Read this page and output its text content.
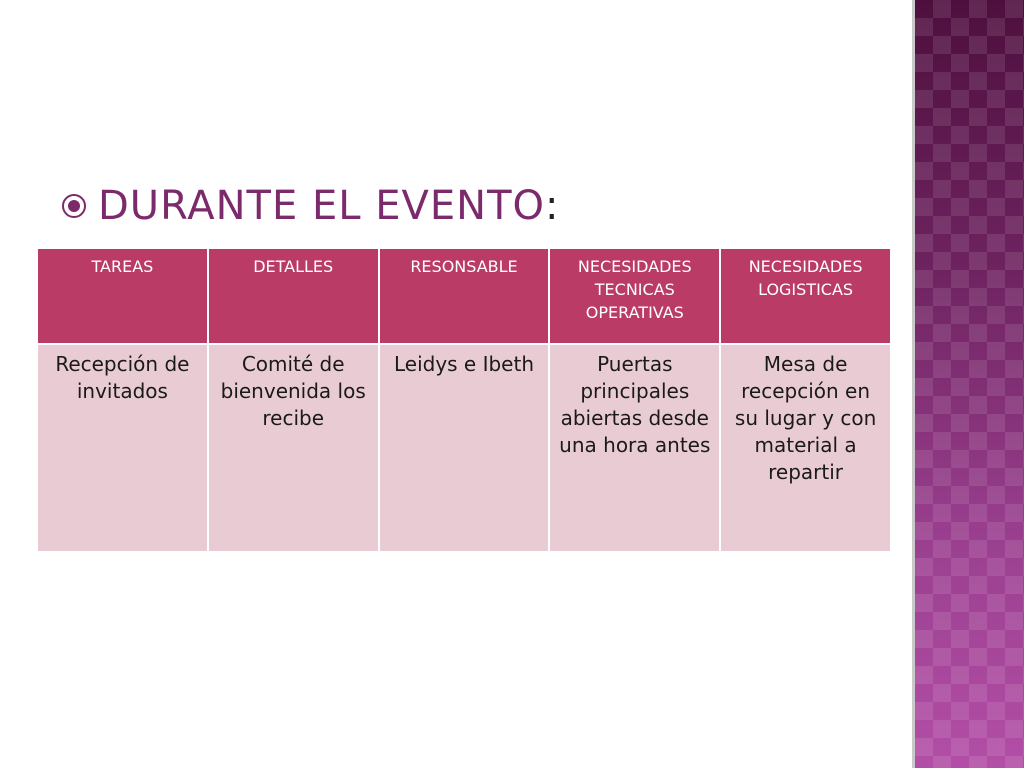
DURANTE EL EVENTO :
TAREAS	DETALLES	RESONSABLE	NECESIDADES TECNICAS OPERATIVAS	NECESIDADES LOGISTICAS
Recepción de invitados	Comité de bienvenida los recibe	Leidys e Ibeth	Puertas principales abiertas desde una hora antes	Mesa de recepción en su lugar y con material a repartir
